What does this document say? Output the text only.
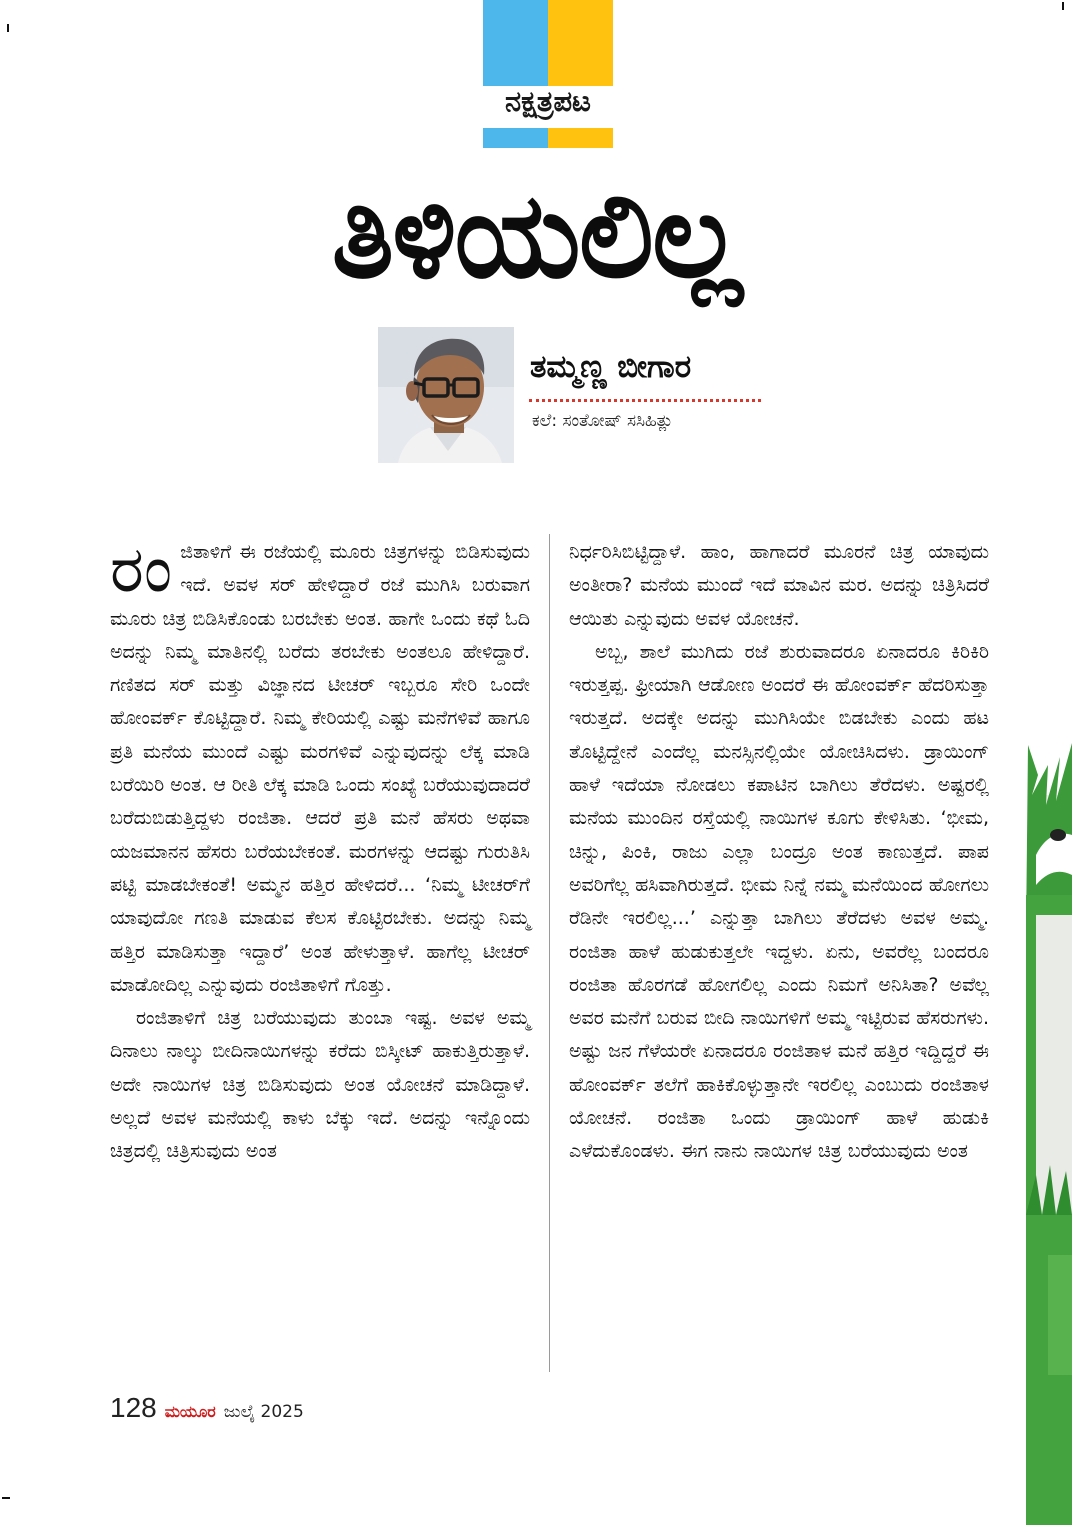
ನಕ್ಷತ್ರಪಟ
ತಿಳಿಯಲಿಲ್ಲ
ತಮ್ಮಣ್ಣ ಬೀಗಾರ
ಕಲೆ: ಸಂತೋಷ್ ಸಸಿಹಿತ್ಲು

ರಂಜಿತಾಳಿಗೆ ಈ ರಜೆಯಲ್ಲಿ ಮೂರು ಚಿತ್ರಗಳನ್ನು ಬಿಡಿಸುವುದು ಇದೆ. ಅವಳ ಸರ್ ಹೇಳಿದ್ದಾರೆ ರಜೆ ಮುಗಿಸಿ ಬರುವಾಗ ಮೂರು ಚಿತ್ರ ಬಿಡಿಸಿಕೊಂಡು ಬರಬೇಕು ಅಂತ. ಹಾಗೇ ಒಂದು ಕಥೆ ಓದಿ ಅದನ್ನು ನಿಮ್ಮ ಮಾತಿನಲ್ಲಿ ಬರೆದು ತರಬೇಕು ಅಂತಲೂ ಹೇಳಿದ್ದಾರೆ. ಗಣಿತದ ಸರ್ ಮತ್ತು ವಿಜ್ಞಾನದ ಟೀಚರ್ ಇಬ್ಬರೂ ಸೇರಿ ಒಂದೇ ಹೋಂವರ್ಕ್ ಕೊಟ್ಟಿದ್ದಾರೆ. ನಿಮ್ಮ ಕೇರಿಯಲ್ಲಿ ಎಷ್ಟು ಮನೆಗಳಿವೆ ಹಾಗೂ ಪ್ರತಿ ಮನೆಯ ಮುಂದೆ ಎಷ್ಟು ಮರಗಳಿವೆ ಎನ್ನುವುದನ್ನು ಲೆಕ್ಕ ಮಾಡಿ ಬರೆಯಿರಿ ಅಂತ. ಆ ರೀತಿ ಲೆಕ್ಕ ಮಾಡಿ ಒಂದು ಸಂಖ್ಯೆ ಬರೆಯುವುದಾದರೆ ಬರೆದುಬಿಡುತ್ತಿದ್ದಳು ರಂಜಿತಾ. ಆದರೆ ಪ್ರತಿ ಮನೆ ಹೆಸರು ಅಥವಾ ಯಜಮಾನನ ಹೆಸರು ಬರೆಯಬೇಕಂತೆ. ಮರಗಳನ್ನು ಆದಷ್ಟು ಗುರುತಿಸಿ ಪಟ್ಟಿ ಮಾಡಬೇಕಂತೆ! ಅಮ್ಮನ ಹತ್ತಿರ ಹೇಳಿದರೆ... ‘ನಿಮ್ಮ ಟೀಚರ್‌ಗೆ ಯಾವುದೋ ಗಣತಿ ಮಾಡುವ ಕೆಲಸ ಕೊಟ್ಟಿರಬೇಕು. ಅದನ್ನು ನಿಮ್ಮ ಹತ್ತಿರ ಮಾಡಿಸುತ್ತಾ ಇದ್ದಾರೆ’ ಅಂತ ಹೇಳುತ್ತಾಳೆ. ಹಾಗೆಲ್ಲ ಟೀಚರ್ ಮಾಡೋದಿಲ್ಲ ಎನ್ನುವುದು ರಂಜಿತಾಳಿಗೆ ಗೊತ್ತು.

ರಂಜಿತಾಳಿಗೆ ಚಿತ್ರ ಬರೆಯುವುದು ತುಂಬಾ ಇಷ್ಟ. ಅವಳ ಅಮ್ಮ ದಿನಾಲು ನಾಲ್ಕು ಬೀದಿನಾಯಿಗಳನ್ನು ಕರೆದು ಬಿಸ್ಕೀಟ್ ಹಾಕುತ್ತಿರುತ್ತಾಳೆ. ಅದೇ ನಾಯಿಗಳ ಚಿತ್ರ ಬಿಡಿಸುವುದು ಅಂತ ಯೋಚನೆ ಮಾಡಿದ್ದಾಳೆ. ಅಲ್ಲದೆ ಅವಳ ಮನೆಯಲ್ಲಿ ಕಾಳು ಬೆಕ್ಕು ಇದೆ. ಅದನ್ನು ಇನ್ನೊಂದು ಚಿತ್ರದಲ್ಲಿ ಚಿತ್ರಿಸುವುದು ಅಂತ

ನಿರ್ಧರಿಸಿಬಿಟ್ಟಿದ್ದಾಳೆ. ಹಾಂ, ಹಾಗಾದರೆ ಮೂರನೆ ಚಿತ್ರ ಯಾವುದು ಅಂತೀರಾ? ಮನೆಯ ಮುಂದೆ ಇದೆ ಮಾವಿನ ಮರ. ಅದನ್ನು ಚಿತ್ರಿಸಿದರೆ ಆಯಿತು ಎನ್ನುವುದು ಅವಳ ಯೋಚನೆ.

ಅಬ್ಬ, ಶಾಲೆ ಮುಗಿದು ರಜೆ ಶುರುವಾದರೂ ಏನಾದರೂ ಕಿರಿಕಿರಿ ಇರುತ್ತಪ್ಪ. ಫ್ರೀಯಾಗಿ ಆಡೋಣ ಅಂದರೆ ಈ ಹೋಂವರ್ಕ್ ಹೆದರಿಸುತ್ತಾ ಇರುತ್ತದೆ. ಅದಕ್ಕೇ ಅದನ್ನು ಮುಗಿಸಿಯೇ ಬಿಡಬೇಕು ಎಂದು ಹಟ ತೊಟ್ಟಿದ್ದೇನೆ ಎಂದೆಲ್ಲ ಮನಸ್ಸಿನಲ್ಲಿಯೇ ಯೋಚಿಸಿದಳು. ಡ್ರಾಯಿಂಗ್ ಹಾಳೆ ಇದೆಯಾ ನೋಡಲು ಕಪಾಟಿನ ಬಾಗಿಲು ತೆರೆದಳು. ಅಷ್ಟರಲ್ಲಿ ಮನೆಯ ಮುಂದಿನ ರಸ್ತೆಯಲ್ಲಿ ನಾಯಿಗಳ ಕೂಗು ಕೇಳಿಸಿತು. ‘ಭೀಮ, ಚಿನ್ನು, ಪಿಂಕಿ, ರಾಜು ಎಲ್ಲಾ ಬಂದ್ರೂ ಅಂತ ಕಾಣುತ್ತದೆ. ಪಾಪ ಅವರಿಗೆಲ್ಲ ಹಸಿವಾಗಿರುತ್ತದೆ. ಭೀಮ ನಿನ್ನೆ ನಮ್ಮ ಮನೆಯಿಂದ ಹೋಗಲು ರೆಡಿನೇ ಇರಲಿಲ್ಲ...’ ಎನ್ನುತ್ತಾ ಬಾಗಿಲು ತೆರೆದಳು ಅವಳ ಅಮ್ಮ. ರಂಜಿತಾ ಹಾಳೆ ಹುಡುಕುತ್ತಲೇ ಇದ್ದಳು. ಏನು, ಅವರೆಲ್ಲ ಬಂದರೂ ರಂಜಿತಾ ಹೊರಗಡೆ ಹೋಗಲಿಲ್ಲ ಎಂದು ನಿಮಗೆ ಅನಿಸಿತಾ? ಅವೆಲ್ಲ ಅವರ ಮನೆಗೆ ಬರುವ ಬೀದಿ ನಾಯಿಗಳಿಗೆ ಅಮ್ಮ ಇಟ್ಟಿರುವ ಹೆಸರುಗಳು. ಅಷ್ಟು ಜನ ಗೆಳೆಯರೇ ಏನಾದರೂ ರಂಜಿತಾಳ ಮನೆ ಹತ್ತಿರ ಇದ್ದಿದ್ದರೆ ಈ ಹೋಂವರ್ಕ್ ತಲೆಗೆ ಹಾಕಿಕೊಳ್ಳುತ್ತಾನೇ ಇರಲಿಲ್ಲ ಎಂಬುದು ರಂಜಿತಾಳ ಯೋಚನೆ. ರಂಜಿತಾ ಒಂದು ಡ್ರಾಯಿಂಗ್ ಹಾಳೆ ಹುಡುಕಿ ಎಳೆದುಕೊಂಡಳು. ಈಗ ನಾನು ನಾಯಿಗಳ ಚಿತ್ರ ಬರೆಯುವುದು ಅಂತ

128 ಮಯೂರ ಜುಲೈ 2025
